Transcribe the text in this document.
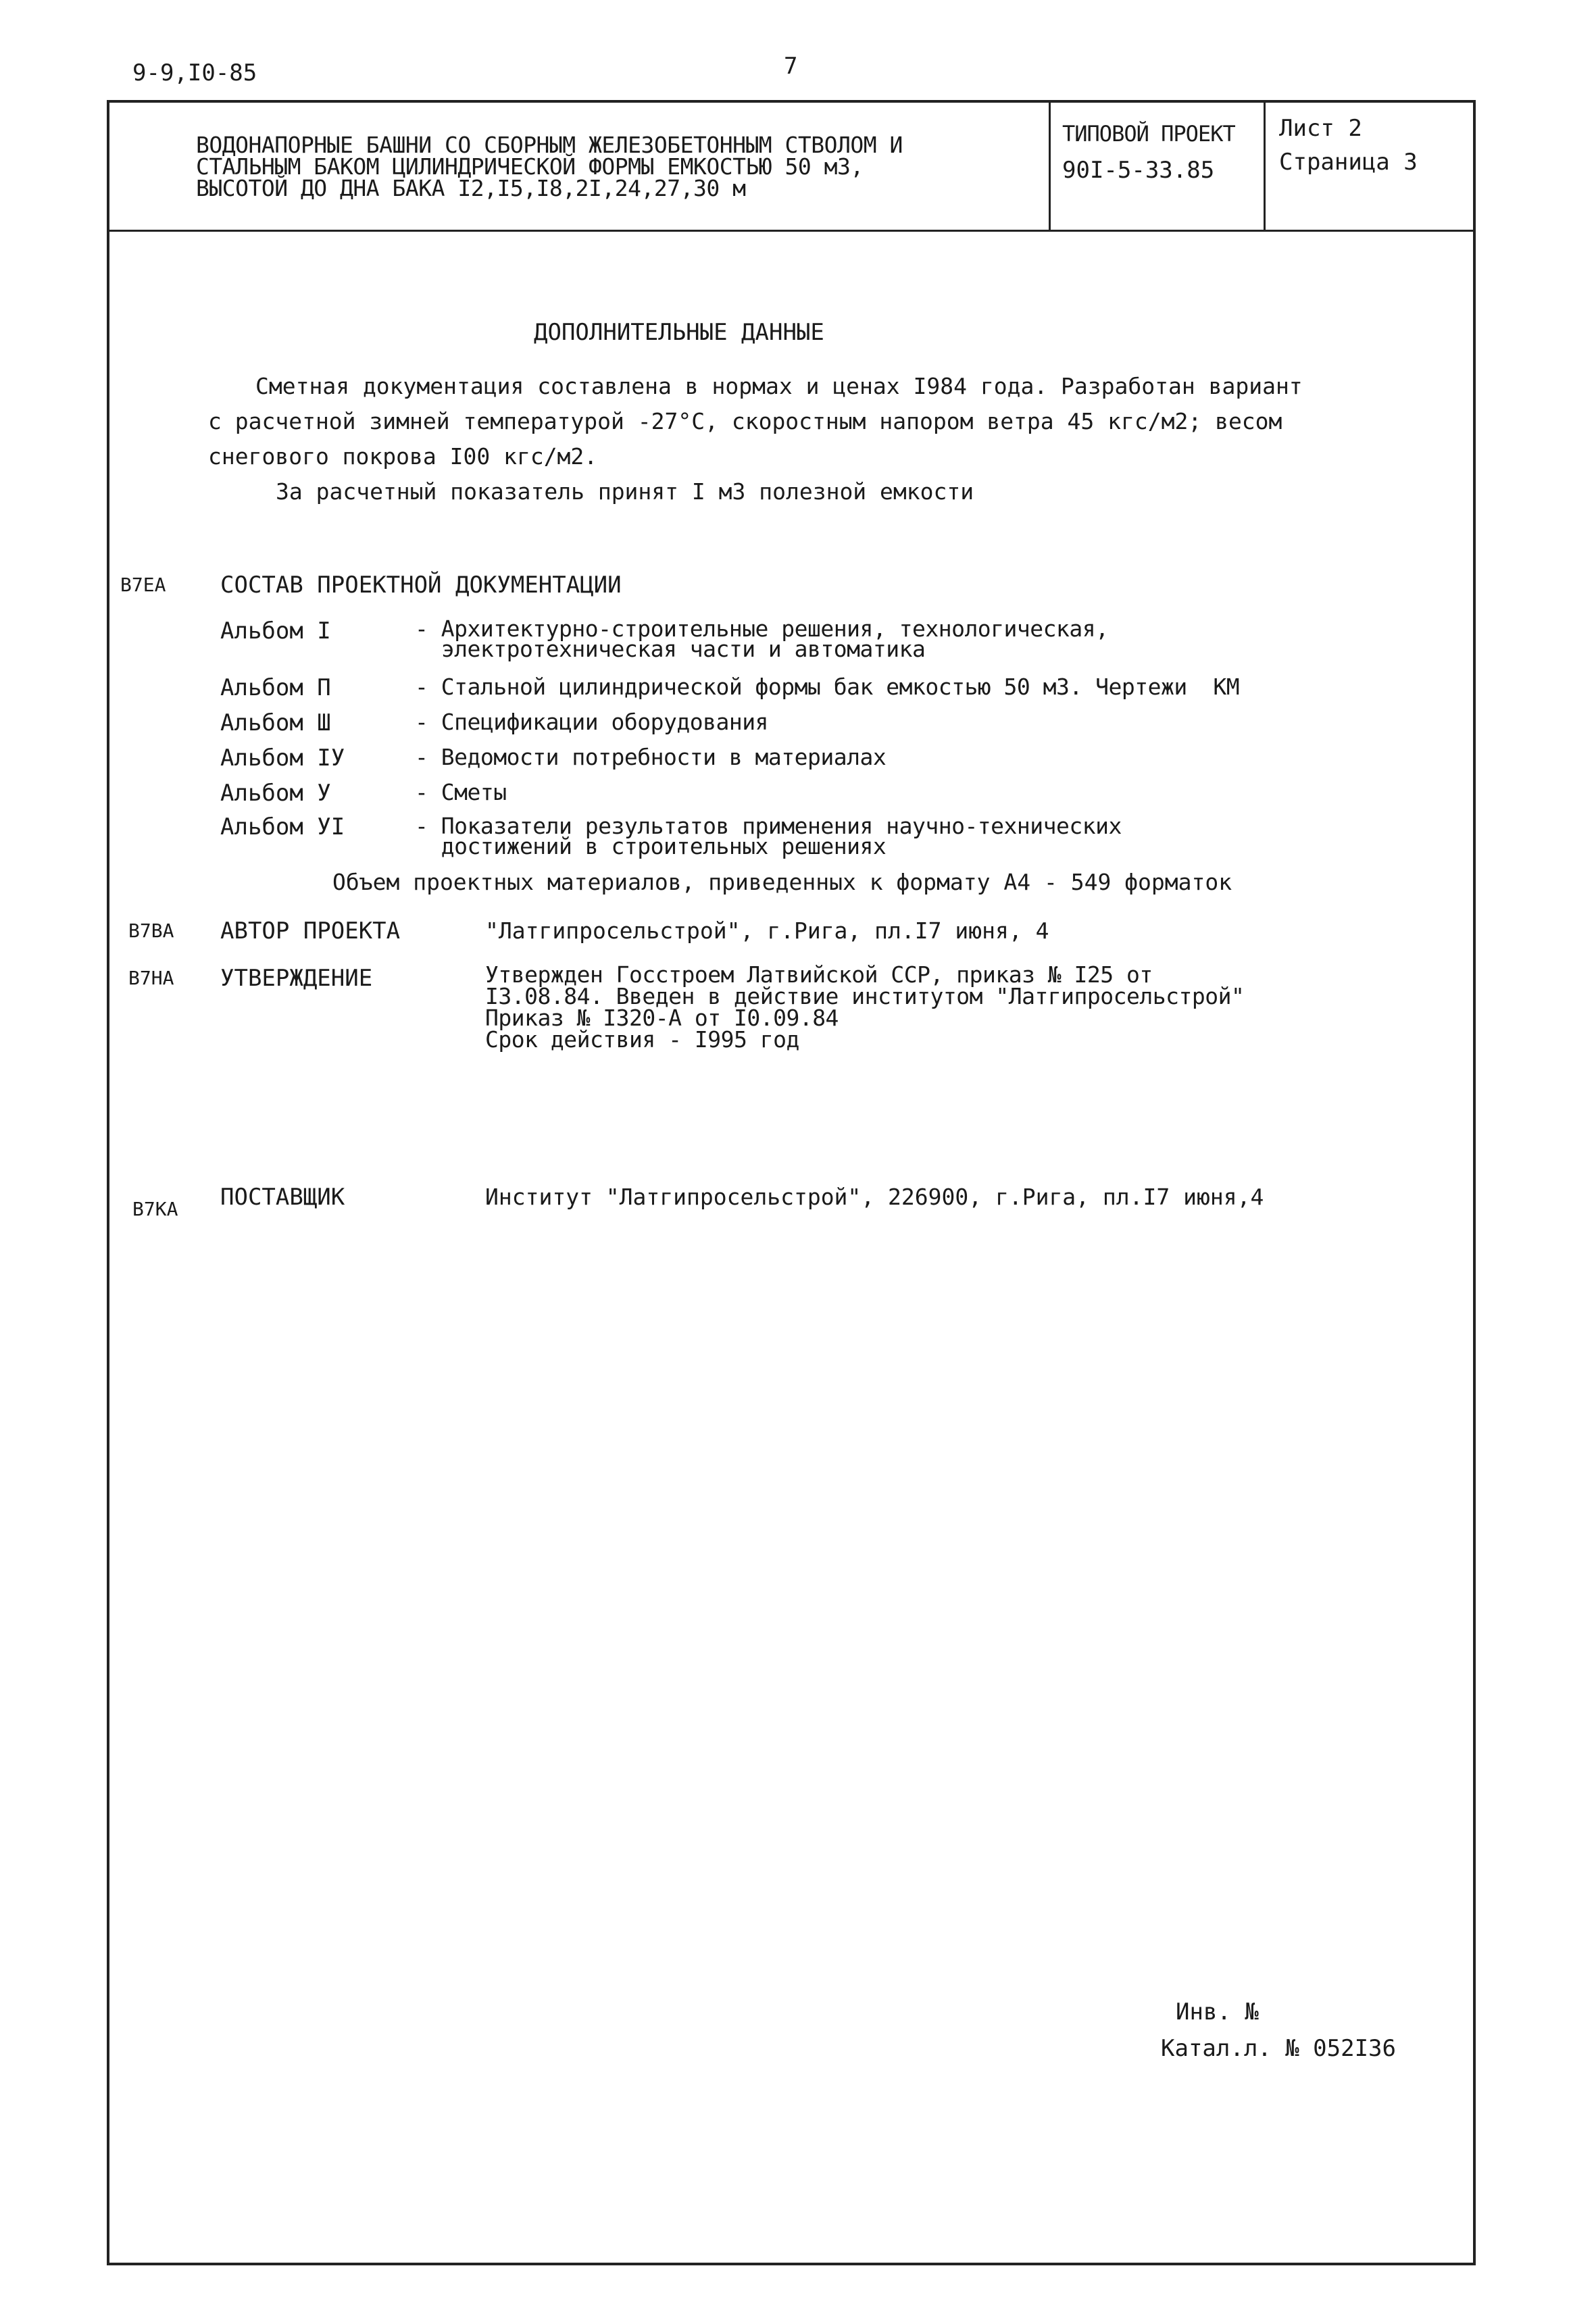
9-9,I0-85	7
ВОДОНАПОРНЫЕ БАШНИ СО СБОРНЫМ ЖЕЛЕЗОБЕТОННЫМ СТВОЛОМ И
СТАЛЬНЫМ БАКОМ ЦИЛИНДРИЧЕСКОЙ ФОРМЫ ЕМКОСТЬЮ 50 м3,
ВЫСОТОЙ ДО ДНА БАКА I2,I5,I8,2I,24,27,30 м
ТИПОВОЙ ПРОЕКТ
90I-5-33.85
Лист 2
Страница 3
ДОПОЛНИТЕЛЬНЫЕ ДАННЫЕ
Сметная документация составлена в нормах и ценах I984 года. Разработан вариант
с расчетной зимней температурой -27°С, скоростным напором ветра 45 кгс/м2; весом
снегового покрова I00 кгс/м2.
За расчетный показатель принят I м3 полезной емкости
В7ЕА СОСТАВ ПРОЕКТНОЙ ДОКУМЕНТАЦИИ
Альбом I	- Архитектурно-строительные решения, технологическая,
электротехническая части и автоматика
Альбом П	- Стальной цилиндрической формы бак емкостью 50 м3. Чертежи  КМ
Альбом Ш	- Спецификации оборудования
Альбом IУ	- Ведомости потребности в материалах
Альбом У	- Сметы
Альбом УI	- Показатели результатов применения научно-технических
достижений в строительных решениях
Объем проектных материалов, приведенных к формату А4 - 549 форматок
В7ВА АВТОР ПРОЕКТА	"Латгипросельстрой", г.Рига, пл.I7 июня, 4
В7НА УТВЕРЖДЕНИЕ	Утвержден Госстроем Латвийской ССР, приказ № I25 от
I3.08.84. Введен в действие институтом "Латгипросельстрой"
Приказ № I320-А от I0.09.84
Срок действия - I995 год
В7КА ПОСТАВЩИК	Институт "Латгипросельстрой", 226900, г.Рига, пл.I7 июня,4
Инв. №
Катал.л. № 052I36
